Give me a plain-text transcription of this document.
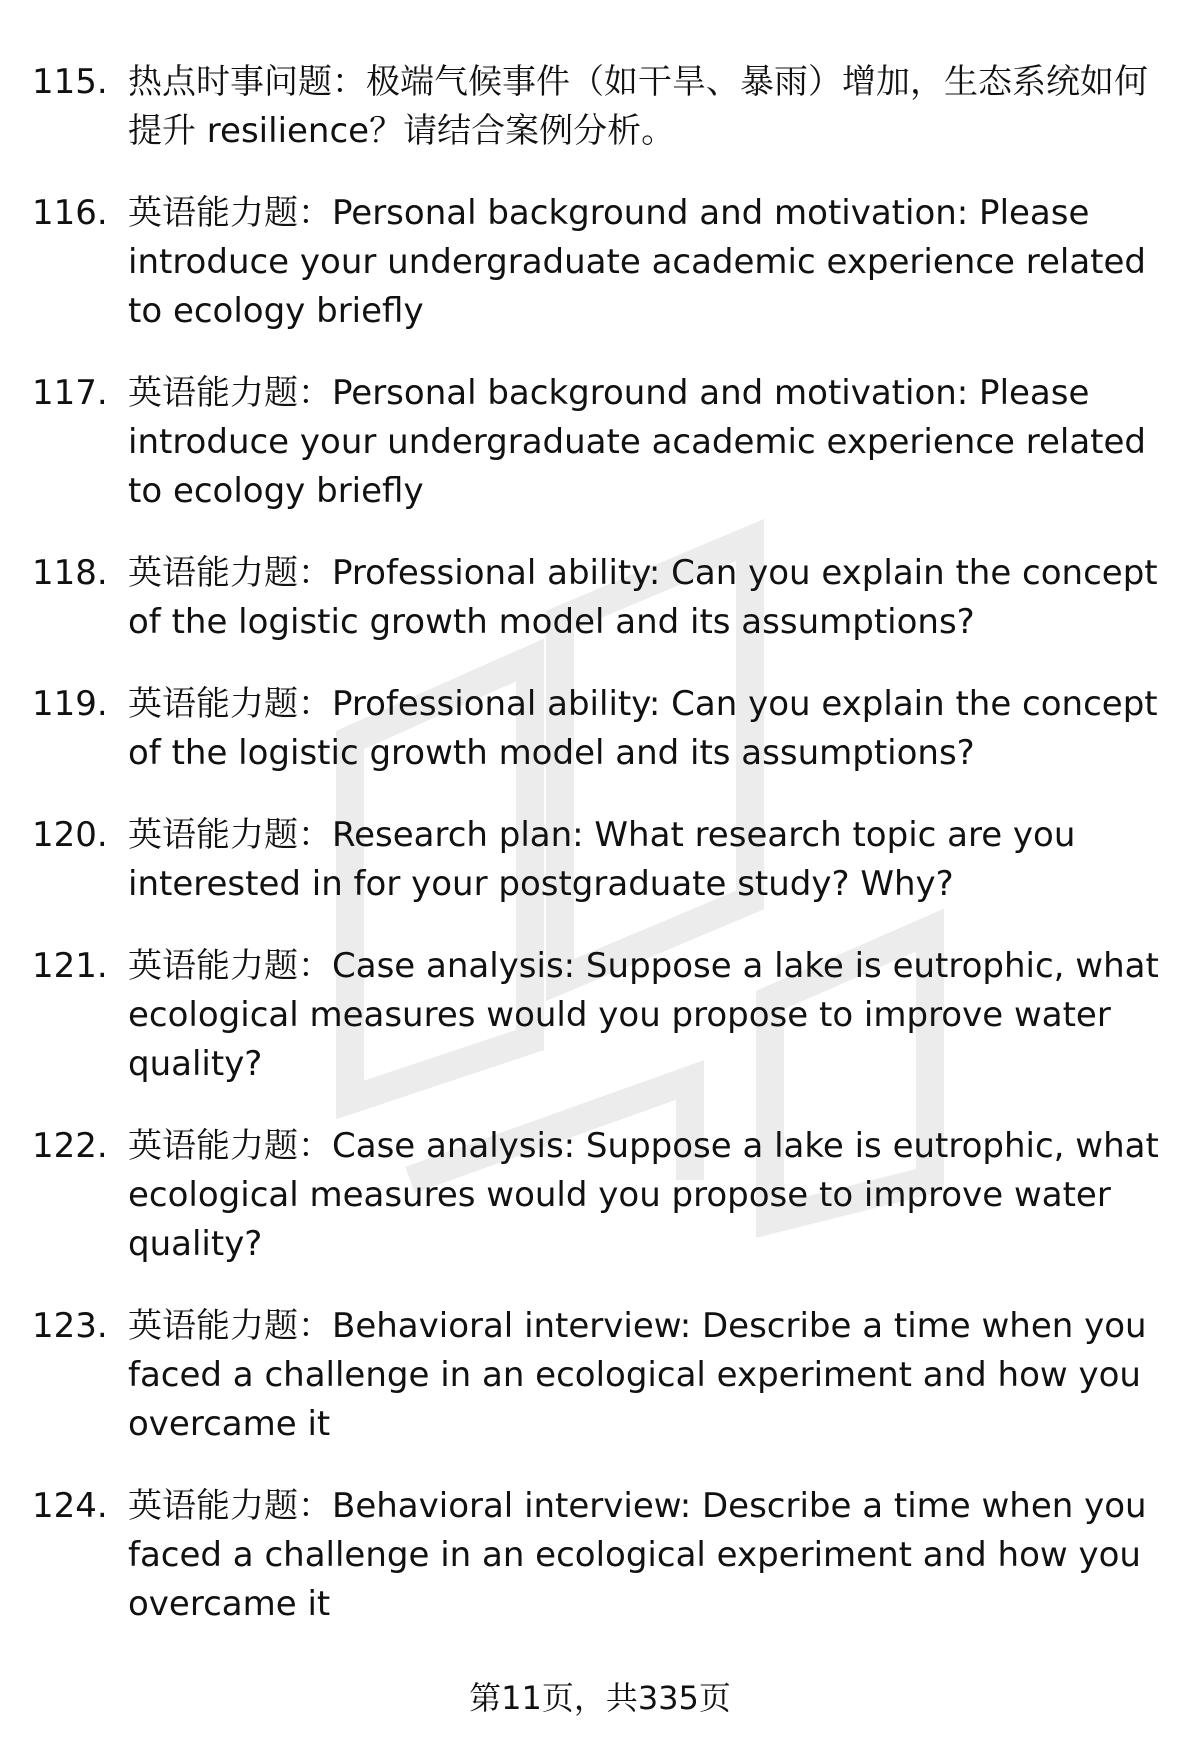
115. 热点时事问题：极端气候事件（如干旱、暴雨）增加，生态系统如何提升 resilience？请结合案例分析。
116. 英语能力题：Personal background and motivation: Please introduce your undergraduate academic experience related to ecology briefly
117. 英语能力题：Personal background and motivation: Please introduce your undergraduate academic experience related to ecology briefly
118. 英语能力题：Professional ability: Can you explain the concept of the logistic growth model and its assumptions?
119. 英语能力题：Professional ability: Can you explain the concept of the logistic growth model and its assumptions?
120. 英语能力题：Research plan: What research topic are you interested in for your postgraduate study? Why?
121. 英语能力题：Case analysis: Suppose a lake is eutrophic, what ecological measures would you propose to improve water quality?
122. 英语能力题：Case analysis: Suppose a lake is eutrophic, what ecological measures would you propose to improve water quality?
123. 英语能力题：Behavioral interview: Describe a time when you faced a challenge in an ecological experiment and how you overcame it
124. 英语能力题：Behavioral interview: Describe a time when you faced a challenge in an ecological experiment and how you overcame it
第11页，共335页
